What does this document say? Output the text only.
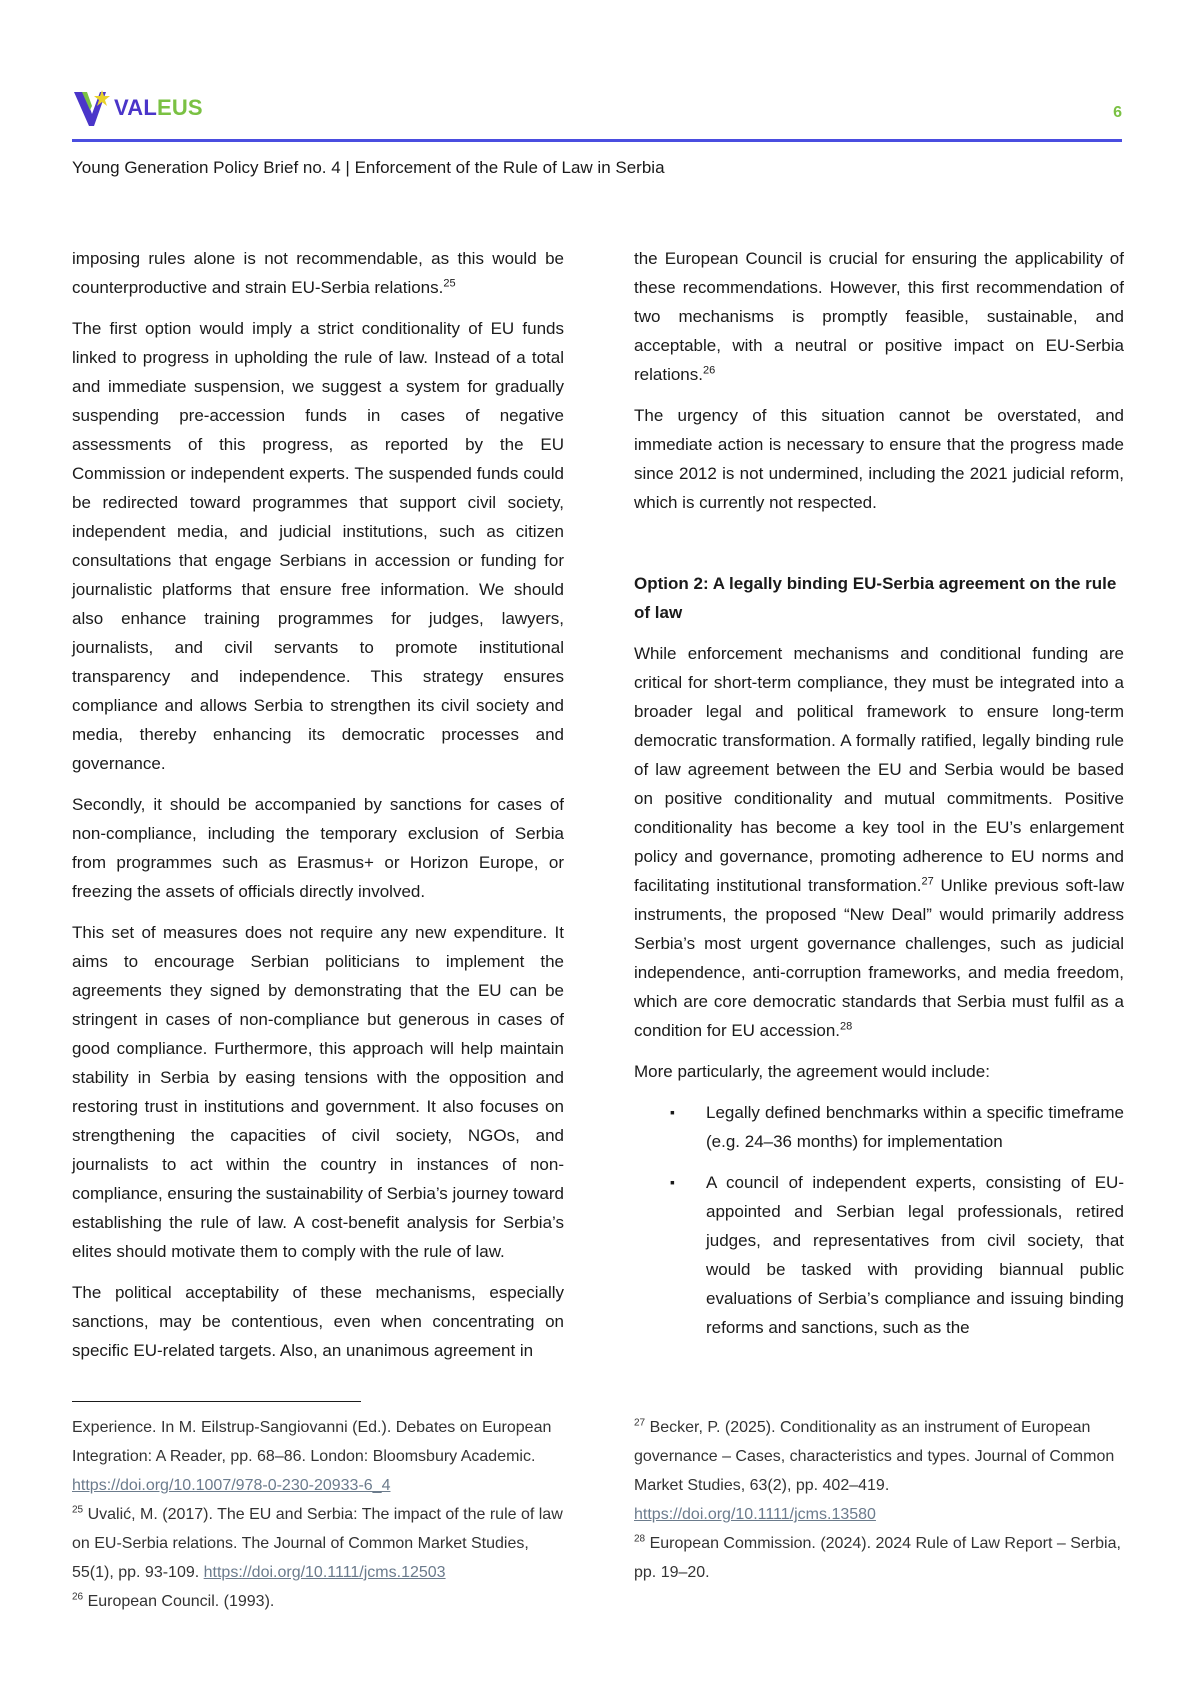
VALEUS	6
Young Generation Policy Brief no. 4 | Enforcement of the Rule of Law in Serbia

imposing rules alone is not recommendable, as this would be counterproductive and strain EU-Serbia relations.$^{25}$

The first option would imply a strict conditionality of EU funds linked to progress in upholding the rule of law. Instead of a total and immediate suspension, we suggest a system for gradually suspending pre-accession funds in cases of negative assessments of this progress, as reported by the EU Commission or independent experts. The suspended funds could be redirected toward programmes that support civil society, independent media, and judicial institutions, such as citizen consultations that engage Serbians in accession or funding for journalistic platforms that ensure free information. We should also enhance training programmes for judges, lawyers, journalists, and civil servants to promote institutional transparency and independence. This strategy ensures compliance and allows Serbia to strengthen its civil society and media, thereby enhancing its democratic processes and governance.

Secondly, it should be accompanied by sanctions for cases of non-compliance, including the temporary exclusion of Serbia from programmes such as Erasmus+ or Horizon Europe, or freezing the assets of officials directly involved.

This set of measures does not require any new expenditure. It aims to encourage Serbian politicians to implement the agreements they signed by demonstrating that the EU can be stringent in cases of non-compliance but generous in cases of good compliance. Furthermore, this approach will help maintain stability in Serbia by easing tensions with the opposition and restoring trust in institutions and government. It also focuses on strengthening the capacities of civil society, NGOs, and journalists to act within the country in instances of non-compliance, ensuring the sustainability of Serbia’s journey toward establishing the rule of law. A cost-benefit analysis for Serbia’s elites should motivate them to comply with the rule of law.

The political acceptability of these mechanisms, especially sanctions, may be contentious, even when concentrating on specific EU-related targets. Also, an unanimous agreement in

the European Council is crucial for ensuring the applicability of these recommendations. However, this first recommendation of two mechanisms is promptly feasible, sustainable, and acceptable, with a neutral or positive impact on EU-Serbia relations.$^{26}$

The urgency of this situation cannot be overstated, and immediate action is necessary to ensure that the progress made since 2012 is not undermined, including the 2021 judicial reform, which is currently not respected.

Option 2: A legally binding EU-Serbia agreement on the rule of law

While enforcement mechanisms and conditional funding are critical for short-term compliance, they must be integrated into a broader legal and political framework to ensure long-term democratic transformation. A formally ratified, legally binding rule of law agreement between the EU and Serbia would be based on positive conditionality and mutual commitments. Positive conditionality has become a key tool in the EU’s enlargement policy and governance, promoting adherence to EU norms and facilitating institutional transformation.$^{27}$ Unlike previous soft-law instruments, the proposed “New Deal” would primarily address Serbia’s most urgent governance challenges, such as judicial independence, anti-corruption frameworks, and media freedom, which are core democratic standards that Serbia must fulfil as a condition for EU accession.$^{28}$

More particularly, the agreement would include:

▪ Legally defined benchmarks within a specific timeframe (e.g. 24–36 months) for implementation
▪ A council of independent experts, consisting of EU-appointed and Serbian legal professionals, retired judges, and representatives from civil society, that would be tasked with providing biannual public evaluations of Serbia’s compliance and issuing binding reforms and sanctions, such as the
Experience. In M. Eilstrup-Sangiovanni (Ed.). Debates on European Integration: A Reader, pp. 68–86. London: Bloomsbury Academic. https://doi.org/10.1007/978-0-230-20933-6_4
$^{25}$ Uvalić, M. (2017). The EU and Serbia: The impact of the rule of law on EU-Serbia relations. The Journal of Common Market Studies, 55(1), pp. 93-109. https://doi.org/10.1111/jcms.12503
$^{26}$ European Council. (1993).
$^{27}$ Becker, P. (2025). Conditionality as an instrument of European governance – Cases, characteristics and types. Journal of Common Market Studies, 63(2), pp. 402–419. https://doi.org/10.1111/jcms.13580
$^{28}$ European Commission. (2024). 2024 Rule of Law Report – Serbia, pp. 19–20.
